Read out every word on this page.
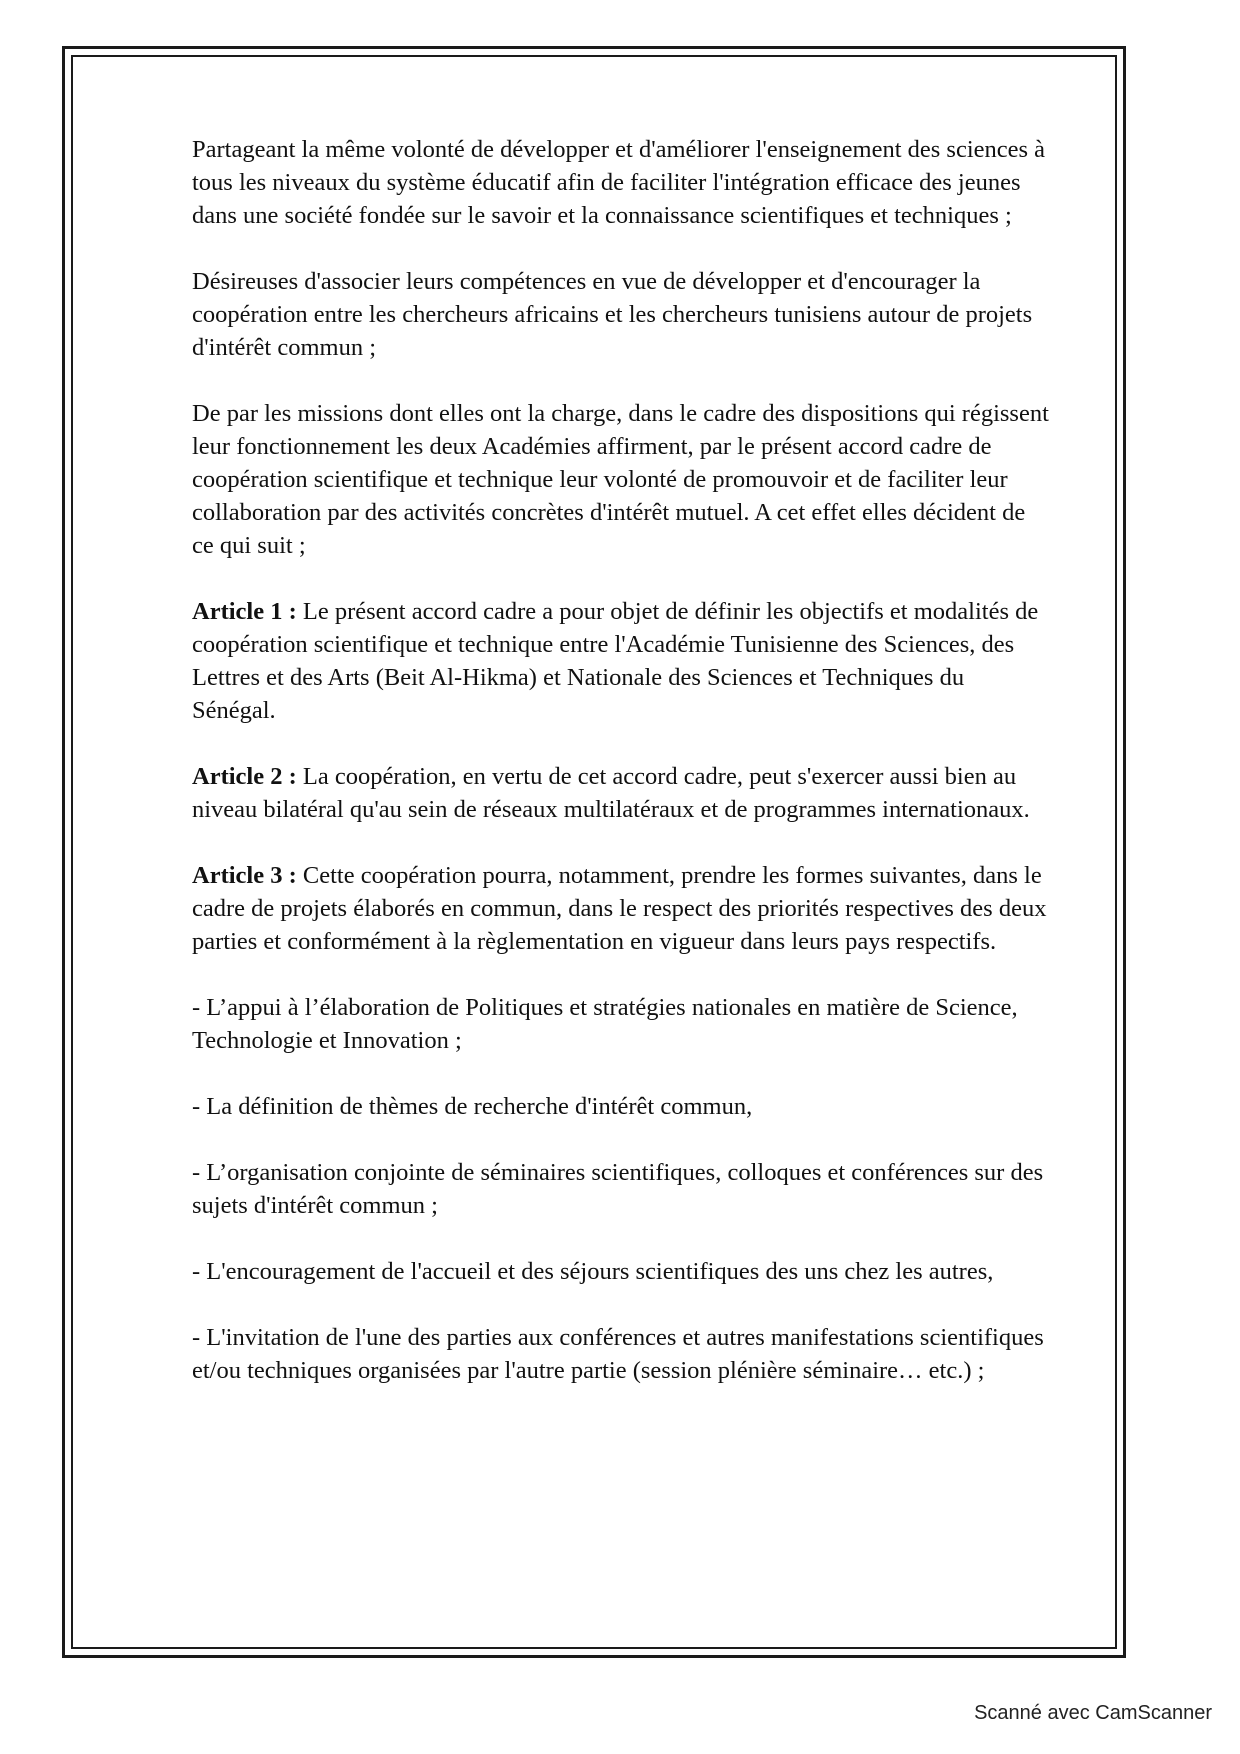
Partageant la même volonté de développer et d'améliorer l'enseignement des sciences à tous les niveaux du système éducatif afin de faciliter l'intégration efficace des jeunes dans une société fondée sur le savoir et la connaissance scientifiques et techniques ;

Désireuses d'associer leurs compétences en vue de développer et d'encourager la coopération entre les chercheurs africains et les chercheurs tunisiens autour de projets d'intérêt commun ;

De par les missions dont elles ont la charge, dans le cadre des dispositions qui régissent leur fonctionnement les deux Académies affirment, par le présent accord cadre de coopération scientifique et technique leur volonté de promouvoir et de faciliter leur collaboration par des activités concrètes d'intérêt mutuel. A cet effet elles décident de ce qui suit ;

Article 1 : Le présent accord cadre a pour objet de définir les objectifs et modalités de coopération scientifique et technique entre l'Académie Tunisienne des Sciences, des Lettres et des Arts (Beit Al-Hikma) et Nationale des Sciences et Techniques du Sénégal.

Article 2 : La coopération, en vertu de cet accord cadre, peut s'exercer aussi bien au niveau bilatéral qu'au sein de réseaux multilatéraux et de programmes internationaux.

Article 3 : Cette coopération pourra, notamment, prendre les formes suivantes, dans le cadre de projets élaborés en commun, dans le respect des priorités respectives des deux parties et conformément à la règlementation en vigueur dans leurs pays respectifs.

- L’appui à l’élaboration de Politiques et stratégies nationales en matière de Science, Technologie et Innovation ;

- La définition de thèmes de recherche d'intérêt commun,

- L’organisation conjointe de séminaires scientifiques, colloques et conférences sur des sujets d'intérêt commun ;

- L'encouragement de l'accueil et des séjours scientifiques des uns chez les autres,

- L'invitation de l'une des parties aux conférences et autres manifestations scientifiques et/ou techniques organisées par l'autre partie (session plénière séminaire… etc.) ;

Scanné avec CamScanner
